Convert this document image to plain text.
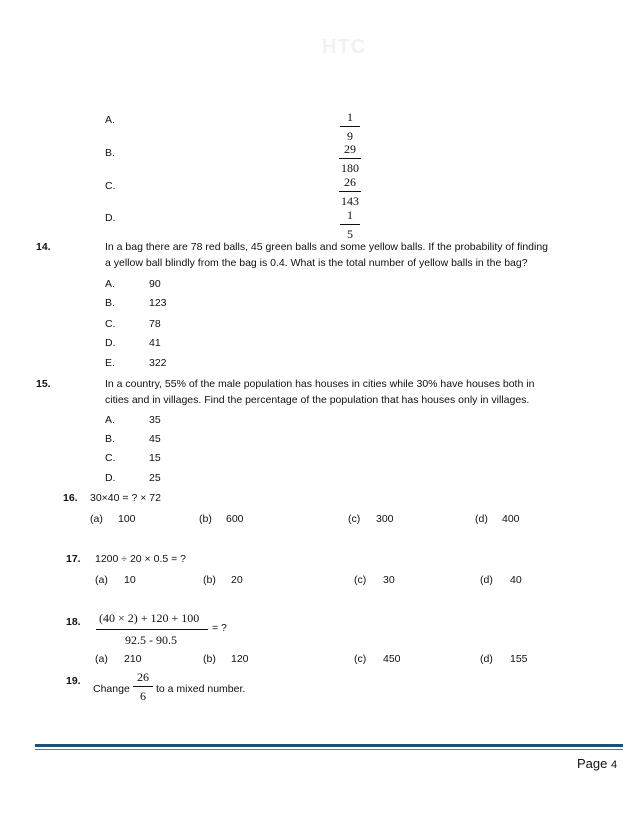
HTC
A.	1
9
B.	29
180
C.	26
143
D.	1
5
14.	In a bag there are 78 red balls, 45 green balls and some yellow balls. If the probability of finding a yellow ball blindly from the bag is 0.4. What is the total number of yellow balls in the bag?
A.	90
B.	123
C.	78
D.	41
E.	322
15.	In a country, 55% of the male population has houses in cities while 30% have houses both in cities and in villages. Find the percentage of the population that has houses only in villages.
A.	35
B.	45
C.	15
D.	25
16. 30×40 = ? × 72
(a) 100	(b) 600	(c) 300	(d) 400
17. 1200 ÷ 20 × 0.5 = ?
(a) 10	(b) 20	(c) 30	(d) 40
18. (40 × 2) + 120 + 100
92.5 - 90.5
= ?
(a) 210	(b) 120	(c) 450	(d) 155
19.
Change
26
6 to a mixed number.
Page 4
